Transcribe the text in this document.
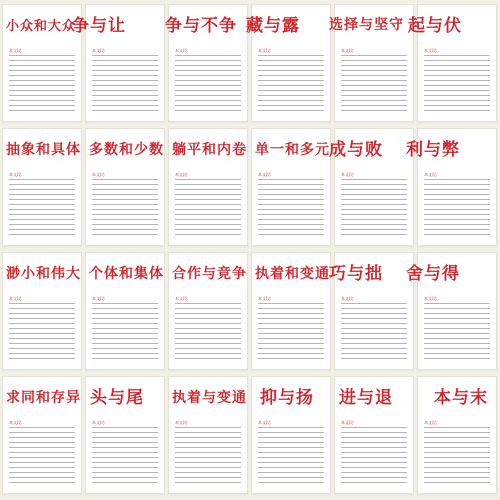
小众和大众
本文段:
争与让
本文段:
争与不争
本文段:
藏与露
本文段:
选择与坚守
本文段:
起与伏
本文段:
抽象和具体
本文段:
多数和少数
本文段:
躺平和内卷
本文段:
单一和多元
本文段:
成与败
本文段:
利与弊
本文段:
渺小和伟大
本文段:
个体和集体
本文段:
合作与竞争
本文段:
执着和变通
本文段:
巧与拙
本文段:
舍与得
本文段:
求同和存异
本文段:
头与尾
本文段:
执着与变通
本文段:
抑与扬
本文段:
进与退
本文段:
本与末
本文段:
